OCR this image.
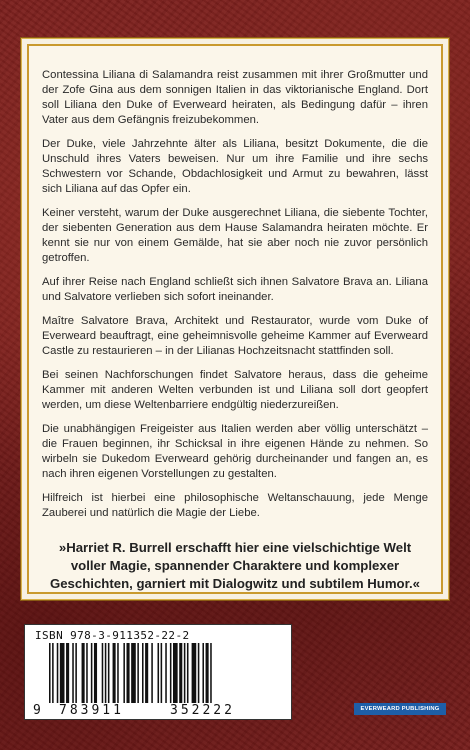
Contessina Liliana di Salamandra reist zusammen mit ihrer Großmutter und der Zofe Gina aus dem sonnigen Italien in das viktorianische England. Dort soll Liliana den Duke of Everweard heiraten, als Bedingung dafür – ihren Vater aus dem Gefängnis freizubekommen.

Der Duke, viele Jahrzehnte älter als Liliana, besitzt Dokumente, die die Unschuld ihres Vaters beweisen. Nur um ihre Familie und ihre sechs Schwestern vor Schande, Obdachlosigkeit und Armut zu bewahren, lässt sich Liliana auf das Opfer ein.

Keiner versteht, warum der Duke ausgerechnet Liliana, die siebente Tochter, der siebenten Generation aus dem Hause Salamandra heiraten möchte. Er kennt sie nur von einem Gemälde, hat sie aber noch nie zuvor persönlich getroffen.

Auf ihrer Reise nach England schließt sich ihnen Salvatore Brava an. Liliana und Salvatore verlieben sich sofort ineinander.

Maître Salvatore Brava, Architekt und Restaurator, wurde vom Duke of Everweard beauftragt, eine geheimnisvolle geheime Kammer auf Everweard Castle zu restaurieren – in der Lilianas Hochzeitsnacht stattfinden soll.

Bei seinen Nachforschungen findet Salvatore heraus, dass die geheime Kammer mit anderen Welten verbunden ist und Liliana soll dort geopfert werden, um diese Weltenbarriere endgültig niederzureißen.

Die unabhängigen Freigeister aus Italien werden aber völlig unterschätzt – die Frauen beginnen, ihr Schicksal in ihre eigenen Hände zu nehmen. So wirbeln sie Dukedom Everweard gehörig durcheinander und fangen an, es nach ihren eigenen Vorstellungen zu gestalten.

Hilfreich ist hierbei eine philosophische Weltanschauung, jede Menge Zauberei und natürlich die Magie der Liebe.

»Harriet R. Burrell erschafft hier eine vielschichtige Welt voller Magie, spannender Charaktere und komplexer Geschichten, garniert mit Dialogwitz und subtilem Humor.«

ISBN 978-3-911352-22-2
9 783911	352222	EVERWEARD PUBLISHING
